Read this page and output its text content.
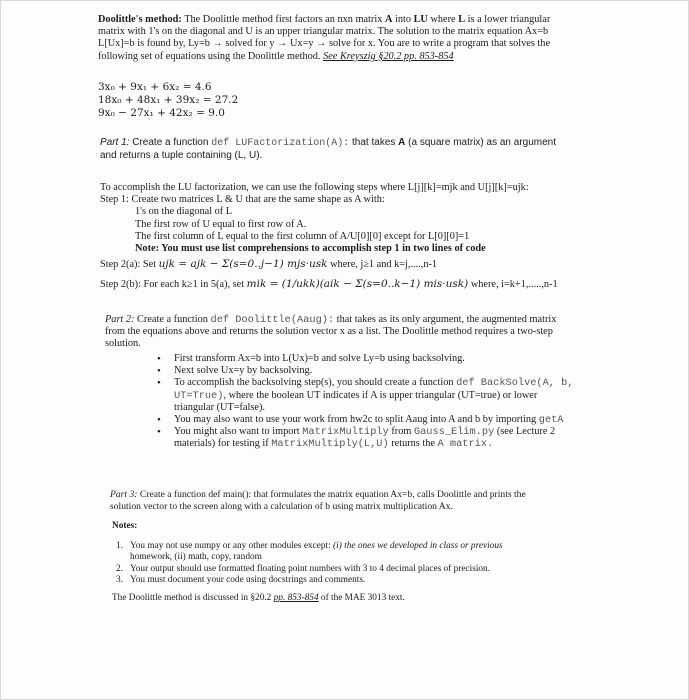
Doolittle's method: The Doolittle method first factors an nxn matrix A into LU where L is a lower triangular
matrix with 1's on the diagonal and U is an upper triangular matrix. The solution to the matrix equation Ax=b
L[Ux]=b is found by, Ly=b → solved for y → Ux=y → solve for x. You are to write a program that solves the
following set of equations using the Doolittle method. See Kreyszig §20.2 pp. 853-854
3x₀ + 9x₁ + 6x₂ = 4.6
18x₀ + 48x₁ + 39x₂ = 27.2
9x₀ − 27x₁ + 42x₂ = 9.0
Part 1: Create a function def LUFactorization(A): that takes A (a square matrix) as an argument
and returns a tuple containing (L, U).
To accomplish the LU factorization, we can use the following steps where L[j][k]=mjk and U[j][k]=ujk:
Step 1: Create two matrices L & U that are the same shape as A with:
1's on the diagonal of L
The first row of U equal to first row of A.
The first column of L equal to the first column of A/U[0][0] except for L[0][0]=1
Note: You must use list comprehensions to accomplish step 1 in two lines of code
Step 2(a): Set ujk = ajk − Σ(s=0..j−1) mjs·usk where, j≥1 and k=j,....,n-1
Step 2(b): For each k≥1 in 5(a), set mik = (1/ukk)(aik − Σ(s=0..k−1) mis·usk) where, i=k+1,.....,n-1
Part 2: Create a function def Doolittle(Aaug): that takes as its only argument, the augmented matrix
from the equations above and returns the solution vector x as a list. The Doolittle method requires a two-step
solution.
• First transform Ax=b into L(Ux)=b and solve Ly=b using backsolving.
• Next solve Ux=y by backsolving.
• To accomplish the backsolving step(s), you should create a function def BackSolve(A, b,
UT=True), where the boolean UT indicates if A is upper triangular (UT=true) or lower
triangular (UT=false).
• You may also want to use your work from hw2c to split Aaug into A and b by importing getA
• You might also want to import MatrixMultiply from Gauss_Elim.py (see Lecture 2
materials) for testing if MatrixMultiply(L,U) returns the A matrix.
Part 3: Create a function def main(): that formulates the matrix equation Ax=b, calls Doolittle and prints the
solution vector to the screen along with a calculation of b using matrix multiplication Ax.
Notes:
1. You may not use numpy or any other modules except: (i) the ones we developed in class or previous
homework, (ii) math, copy, random
2. Your output should use formatted floating point numbers with 3 to 4 decimal places of precision.
3. You must document your code using docstrings and comments.
The Doolittle method is discussed in §20.2 pp. 853-854 of the MAE 3013 text.
